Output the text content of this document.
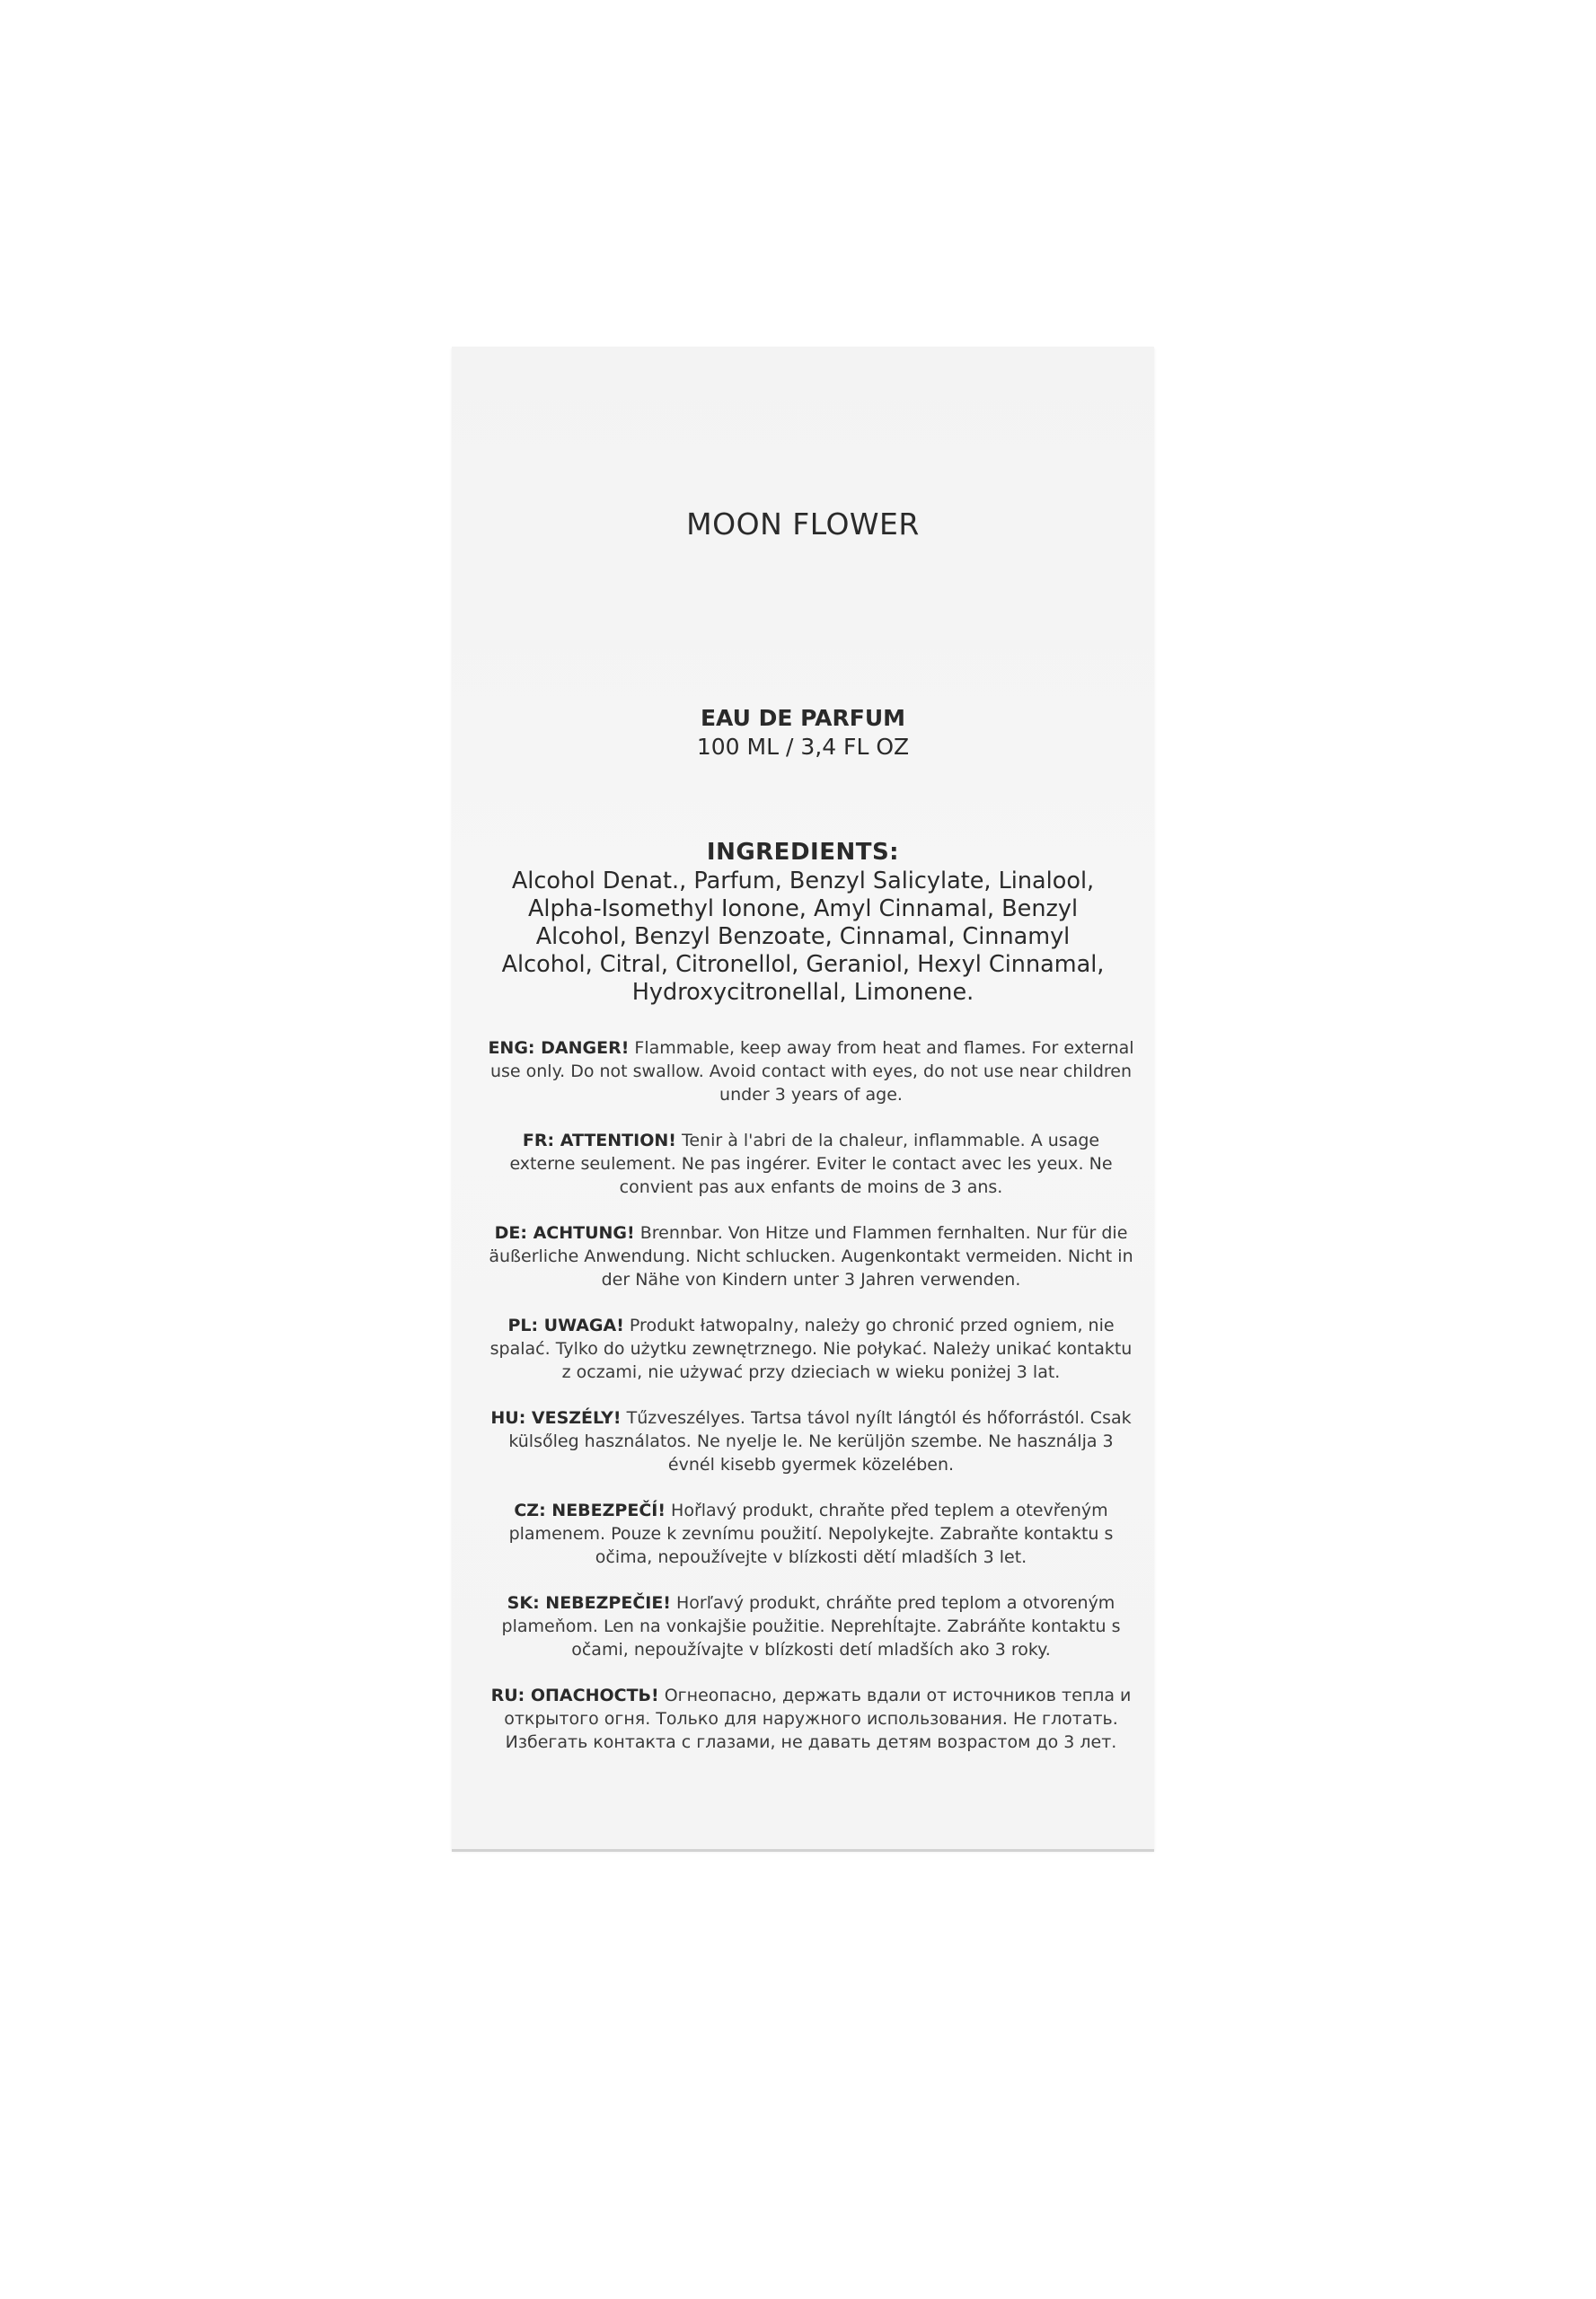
MOON FLOWER
EAU DE PARFUM
100 ML / 3,4 FL OZ
INGREDIENTS:
Alcohol Denat., Parfum, Benzyl Salicylate, Linalool, Alpha-Isomethyl Ionone, Amyl Cinnamal, Benzyl Alcohol, Benzyl Benzoate, Cinnamal, Cinnamyl Alcohol, Citral, Citronellol, Geraniol, Hexyl Cinnamal, Hydroxycitronellal, Limonene.
ENG: DANGER! Flammable, keep away from heat and flames. For external use only. Do not swallow. Avoid contact with eyes, do not use near children under 3 years of age.
FR: ATTENTION! Tenir à l'abri de la chaleur, inflammable. A usage externe seulement. Ne pas ingérer. Eviter le contact avec les yeux. Ne convient pas aux enfants de moins de 3 ans.
DE: ACHTUNG! Brennbar. Von Hitze und Flammen fernhalten. Nur für die äußerliche Anwendung. Nicht schlucken. Augenkontakt vermeiden. Nicht in der Nähe von Kindern unter 3 Jahren verwenden.
PL: UWAGA! Produkt łatwopalny, należy go chronić przed ogniem, nie spalać. Tylko do użytku zewnętrznego. Nie połykać. Należy unikać kontaktu z oczami, nie używać przy dzieciach w wieku poniżej 3 lat.
HU: VESZÉLY! Tűzveszélyes. Tartsa távol nyílt lángtól és hőforrástól. Csak külsőleg használatos. Ne nyelje le. Ne kerüljön szembe. Ne használja 3 évnél kisebb gyermek közelében.
CZ: NEBEZPEČÍ! Hořlavý produkt, chraňte před teplem a otevřeným plamenem. Pouze k zevnímu použití. Nepolykejte. Zabraňte kontaktu s očima, nepoužívejte v blízkosti dětí mladších 3 let.
SK: NEBEZPEČIE! Horľavý produkt, chráňte pred teplom a otvoreným plameňom. Len na vonkajšie použitie. Neprehĺtajte. Zabráňte kontaktu s očami, nepoužívajte v blízkosti detí mladších ako 3 roky.
RU: ОПАСНОСТЬ! Огнеопасно, держать вдали от источников тепла и открытого огня. Только для наружного использования. Не глотать. Избегать контакта с глазами, не давать детям возрастом до 3 лет.
